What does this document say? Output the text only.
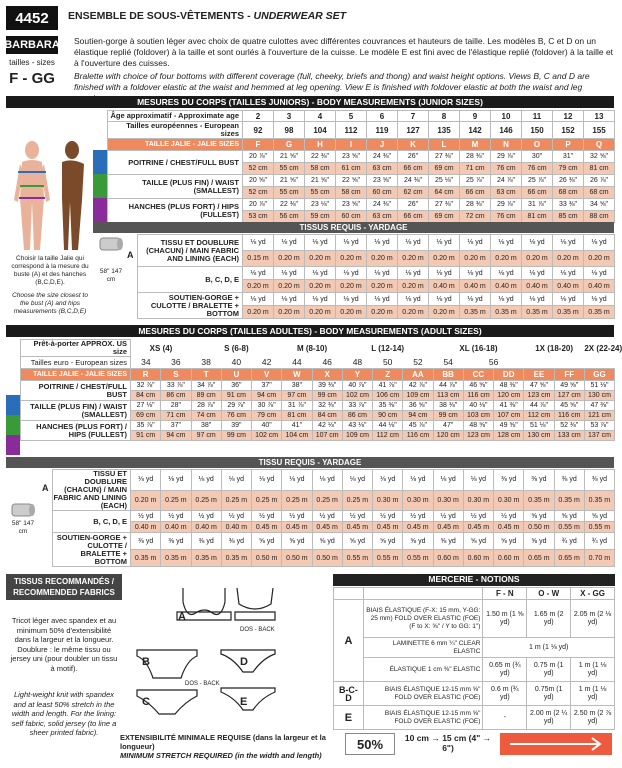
4452
BARBARA
tailles - sizes
F - GG
ENSEMBLE DE SOUS-VÊTEMENTS - UNDERWEAR SET
Soutien-gorge à soutien léger avec choix de quatre culottes avec différentes couvrances et hauteurs de taille. Les modèles B, C et D on un élastique replié (foldover) à la taille et sont ourlés à l'ouverture de la cuisse. Le modèle E est fini avec de l'élastique replié (foldover) à la taille et à l'ouverture des cuisses.
Bralette with choice of four bottoms with different coverage (full, cheeky, briefs and thong) and waist height options. Views B, C and D are finished with a foldover elastic at the waist and hemmed at leg opening. View E is finished with foldover elastic at both the waist and leg
MESURES DU CORPS (TAILLES JUNIORS) - BODY MEASUREMENTS (JUNIOR SIZES)
Choisir la taille Jalie qui correspond à la mesure du buste (A) et des hanches (B,C,D,E).
Choose the size closest to the bust (A) and hips measurements (B,C,D,E)
Âge approximatif - Approximate age	2	3	4	5	6	7	8	9	10	11	12	13
Tailles européennes - European sizes	92	98	104	112	119	127	135	142	146	150	152	155
TAILLE JALIE - JALIE SIZES	F	G	H	I	J	K	L	M	N	O	P	Q
POITRINE / CHEST/FULL BUST	20 ⅞"	21 ⅝"	22 ⅜"	23 ⅝"	24 ⅜"	26"	27 ⅜"	28 ⅜"	29 ⅞"	30"	31"	32 ⅝"
	52 cm	55 cm	58 cm	61 cm	63 cm	66 cm	69 cm	71 cm	76 cm	76 cm	79 cm	81 cm
TAILLE (PLUS FIN) / WAIST (SMALLEST)	20 ⅝"	21 ⅝"	21 ⅝"	22 ⅝"	23 ⅝"	24 ⅜"	25 ⅛"	25 ⅞"	24 ⅞"	25 ⅞"	26 ⅜"	26 ⅞"
	52 cm	55 cm	55 cm	58 cm	60 cm	62 cm	64 cm	66 cm	63 cm	66 cm	68 cm	68 cm
HANCHES (PLUS FORT) / HIPS (FULLEST)	20 ⅞"	22 ⅜"	23 ⅛"	23 ⅝"	24 ⅜"	26"	27 ⅜"	28 ⅜"	29 ⅞"	31 ⅞"	33 ⅜"	34 ⅝"
	53 cm	56 cm	59 cm	60 cm	63 cm	66 cm	69 cm	72 cm	76 cm	81 cm	85 cm	88 cm
TISSUS REQUIS - YARDAGE
58" 147 cm
A
TISSU ET DOUBLURE (CHACUN) / MAIN FABRIC AND LINING (EACH)	⅛ yd	⅛ yd	⅛ yd	⅛ yd	⅛ yd	⅛ yd	⅛ yd	⅛ yd	⅛ yd	⅛ yd	⅛ yd	⅛ yd
	0.15 m	0.20 m	0.20 m	0.20 m	0.20 m	0.20 m	0.20 m	0.20 m	0.20 m	0.20 m	0.20 m	0.20 m
B, C, D, E	⅛ yd	⅛ yd	⅛ yd	⅛ yd	⅛ yd	⅛ yd	⅛ yd	⅛ yd	⅛ yd	⅛ yd	⅛ yd	⅛ yd
	0.20 m	0.20 m	0.20 m	0.20 m	0.20 m	0.20 m	0.40 m	0.40 m	0.40 m	0.40 m	0.40 m	0.40 m
SOUTIEN-GORGE + CULOTTE / BRALETTE + BOTTOM	⅛ yd	⅛ yd	⅛ yd	⅛ yd	⅛ yd	⅛ yd	⅛ yd	⅛ yd	⅛ yd	⅛ yd	⅛ yd	⅛ yd
	0.20 m	0.20 m	0.20 m	0.20 m	0.20 m	0.20 m	0.20 m	0.35 m	0.35 m	0.35 m	0.35 m	0.35 m
MESURES DU CORPS (TAILLES ADULTES) - BODY MEASUREMENTS (ADULT SIZES)
Prêt-à-porter APPROX. US size	XS (4)		S (6-8)			M (8-10)		L (12-14)			XL (16-18)			1X (18-20)		2X (22-24)
Tailles euro - European sizes	34	36	38	40	42	44	46	48	50	52	54	56				
TAILLE JALIE - JALIE SIZES	R	S	T	U	V	W	X	Y	Z	AA	BB	CC	DD	EE	FF	GG
POITRINE / CHEST/FULL BUST	32 ⅞"	33 ⅞"	34 ⅞"	36"	37"	38"	39 ⅜"	40 ⅞"	41 ⅞"	42 ⅞"	44 ⅞"	46 ⅝"	48 ⅜"	47 ⅝"	49 ⅝"	51 ⅛"
	84 cm	86 cm	89 cm	91 cm	94 cm	97 cm	99 cm	102 cm	106 cm	109 cm	113 cm	116 cm	120 cm	123 cm	127 cm	130 cm
TAILLE (PLUS FIN) / WAIST (SMALLEST)	27 ⅛"	28"	28 ⅞"	29 ⅞"	30 ⅞"	31 ⅞"	32 ⅜"	33 ⅞"	35 ⅜"	36 ⅝"	38 ⅜"	40 ⅛"	41 ⅜"	44 ⅞"	45 ⅝"	47 ⅜"
	69 cm	71 cm	74 cm	76 cm	79 cm	81 cm	84 cm	86 cm	90 cm	94 cm	99 cm	103 cm	107 cm	112 cm	116 cm	121 cm
HANCHES (PLUS FORT) / HIPS (FULLEST)	35 ⅞"	37"	38"	39"	40"	41"	42 ⅛"	43 ⅛"	44 ⅛"	45 ⅞"	47"	48 ⅝"	49 ⅝"	51 ⅛"	52 ⅜"	53 ⅞"
	91 cm	94 cm	97 cm	99 cm	102 cm	104 cm	107 cm	109 cm	112 cm	116 cm	120 cm	123 cm	128 cm	130 cm	133 cm	137 cm
TISSU REQUIS - YARDAGE
58" 147 cm
A
TISSU ET DOUBLURE (CHACUN) / MAIN FABRIC AND LINING (EACH)	⅛ yd	⅛ yd	⅛ yd	⅛ yd	⅛ yd	⅛ yd	⅛ yd	⅛ yd	⅛ yd	⅛ yd	⅛ yd	⅛ yd	⅜ yd	⅜ yd	⅜ yd	⅜ yd
	0.20 m	0.25 m	0.25 m	0.25 m	0.25 m	0.25 m	0.25 m	0.25 m	0.30 m	0.30 m	0.30 m	0.30 m	0.30 m	0.35 m	0.35 m	0.35 m
B, C, D, E	½ yd	½ yd	½ yd	½ yd	½ yd	½ yd	½ yd	½ yd	½ yd	½ yd	½ yd	½ yd	½ yd	⅝ yd	⅝ yd	⅝ yd
	0.40 m	0.40 m	0.40 m	0.40 m	0.45 m	0.45 m	0.45 m	0.45 m	0.45 m	0.45 m	0.45 m	0.45 m	0.45 m	0.50 m	0.55 m	0.55 m
SOUTIEN-GORGE + CULOTTE / BRALETTE + BOTTOM	⅜ yd	⅜ yd	⅜ yd	⅜ yd	⅝ yd	⅝ yd	⅝ yd	⅝ yd	⅝ yd	⅝ yd	⅝ yd	⅝ yd	⅝ yd	⅝ yd	¾ yd	¾ yd
	0.35 m	0.35 m	0.35 m	0.35 m	0.50 m	0.50 m	0.50 m	0.55 m	0.55 m	0.55 m	0.60 m	0.60 m	0.60 m	0.65 m	0.65 m	0.70 m
TISSUS RECOMMANDÉS / RECOMMENDED FABRICS
Tricot léger avec spandex et au minimum 50% d'extensibilité dans la largeur et la longueur. Doublure : le même tissu ou jersey uni (pour doubler un tissu à motif).
Light-weight knit with spandex and at least 50% stretch in the width and length. For the lining: self fabric, solid jersey (to line a sheer printed fabric).
A
DOS - BACK
B	D
DOS - BACK
C	E
MERCERIE - NOTIONS
		F - N	O - W	X - GG
A	BIAIS ÉLASTIQUE (F-X: 15 mm, Y-GG: 25 mm) FOLD OVER ELASTIC (FOE) (F to X: ⅝" / Y to GG: 1")	1.50 m (1 ⅝ yd)	1.65 m (2 yd)	2.05 m (2 ⅛ yd)
	LAMINETTE 6 mm ¼" CLEAR ELASTIC	1 m (1 ⅛ yd)		
	ÉLASTIQUE 1 cm ⅜" ELASTIC	0.65 m (¾ yd)	0.75 m (1 yd)	1 m (1 ⅛ yd)
B-C-D	BIAIS ÉLASTIQUE 12-15 mm ⅝" FOLD OVER ELASTIC (FOE)	0.6 m (¾ yd)	0.75m (1 yd)	1 m (1 ⅛ yd)
E	BIAIS ÉLASTIQUE 12-15 mm ⅝" FOLD OVER ELASTIC (FOE)	-	2.00 m (2 ¼ yd)	2.50 m (2 ⅞ yd)
EXTENSIBILITÉ MINIMALE REQUISE (dans la largeur et la longueur)
MINIMUM STRETCH REQUIRED (in the width and length)
50%	10 cm → 15 cm (4" → 6")
